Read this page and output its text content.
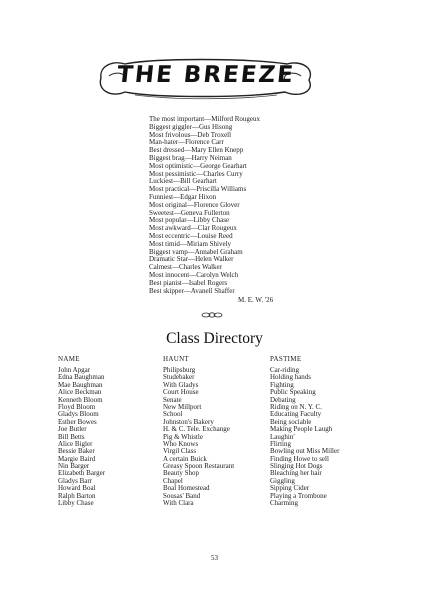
THE BREEZE
The most important—Milford Rougeux
Biggest giggler—Gus Hisong
Most frivolous—Deb Troxell
Man-hater—Florence Carr
Best dressed—Mary Ellen Knepp
Biggest brag—Harry Neiman
Most optimistic—George Gearhart
Most pessimistic—Charles Curry
Luckiest—Bill Gearhart
Most practical—Priscilla Williams
Funniest—Edgar Hixon
Most original—Florence Glover
Sweetest—Geneva Fullerton
Most popular—Libby Chase
Most awkward—Clar Rougeux
Most eccentric—Louise Reed
Most timid—Miriam Shively
Biggest vamp—Annabel Graham
Dramatic Star—Helen Walker
Calmest—Charles Walker
Most innocent—Carolyn Welch
Best pianist—Isabel Rogers
Best skipper—Avanell Shaffer
M. E. W. '26
Class Directory
NAME
John Apgar
Edna Baughman
Mae Baughman
Alice Beckman
Kenneth Bloom
Floyd Bloom
Gladys Bloom
Esther Bowes
Joe Butler
Bill Betts
Alice Bigler
Bessie Baker
Margie Baird
Nin Barger
Elizabeth Barger
Gladys Barr
Howard Boal
Ralph Barton
Libby Chase
HAUNT
Philipsburg
Studebaker
With Gladys
Court House
Senate
New Millport
School
Johnston's Bakery
H. & C. Tele. Exchange
Pig & Whistle
Who Knows
Virgil Class
A certain Buick
Greasy Spoon Restaurant
Beauty Shop
Chapel
Boal Homestead
Sousas' Band
With Clara
PASTIME
Car-riding
Holding hands
Fighting
Public Speaking
Debating
Riding on N. Y. C.
Educating Faculty
Being sociable
Making People Laugh
Laughin'
Flirting
Bowling out Miss Miller
Finding Howe to sell
Slinging Hot Dogs
Bleaching her hair
Giggling
Sipping Cider
Playing a Trombone
Charming
53
